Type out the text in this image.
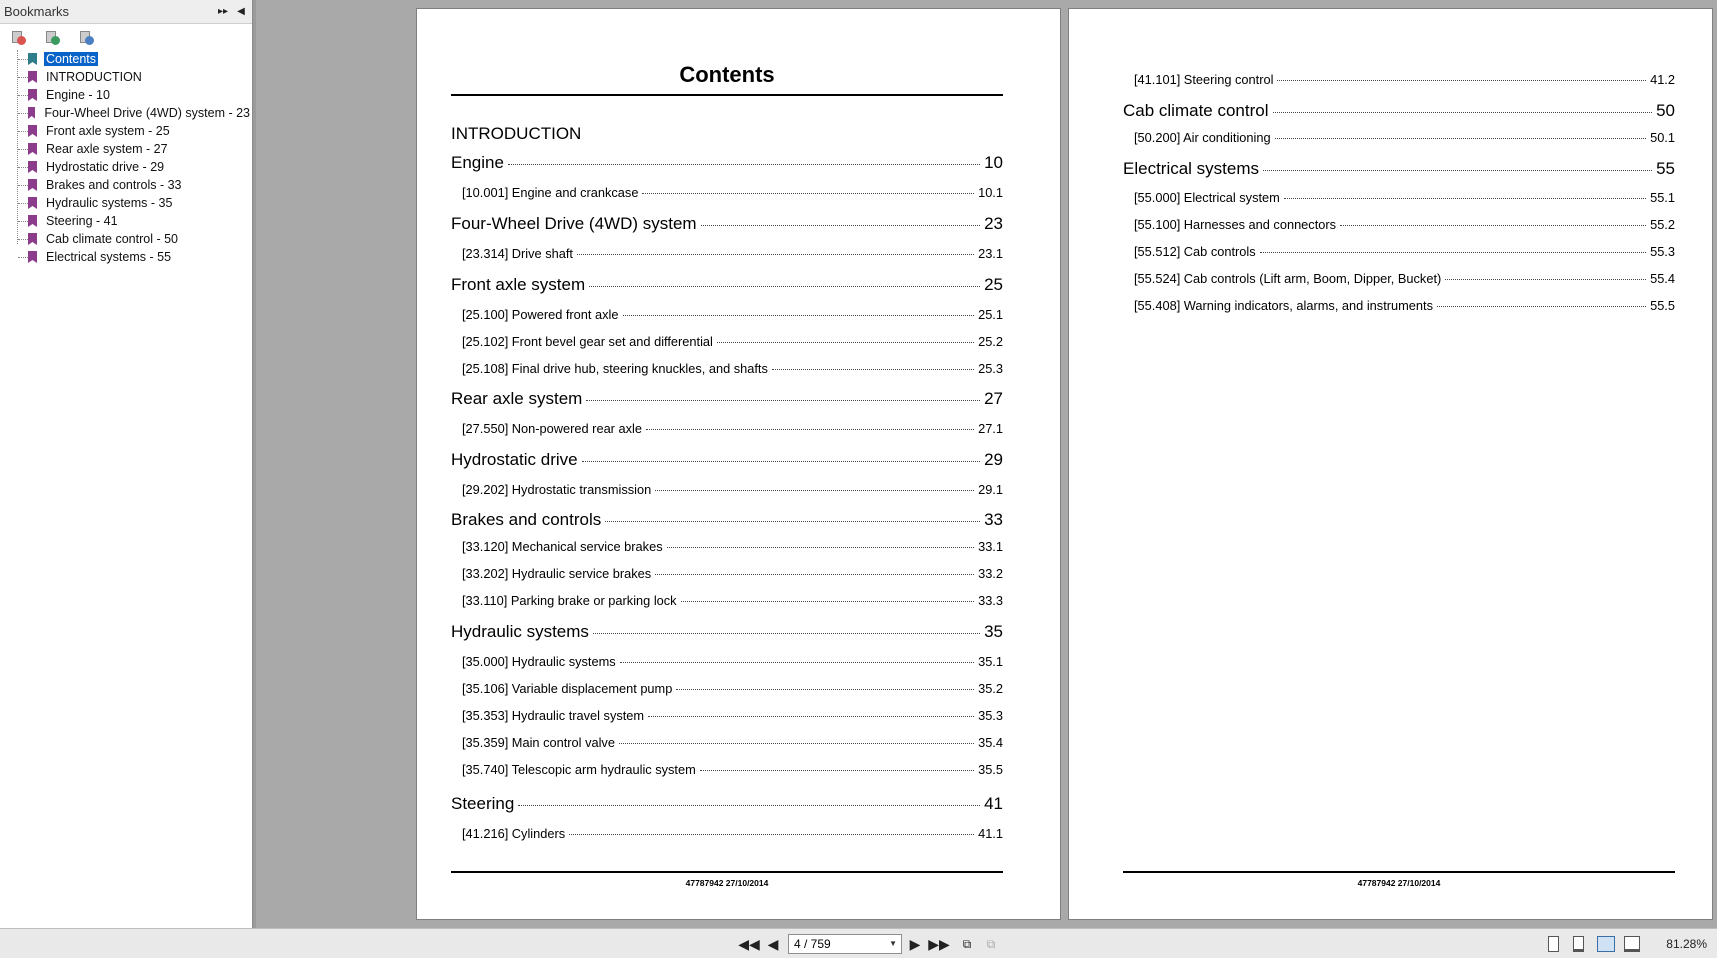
Bookmarks	▸▸ ◀
Contents
INTRODUCTION
Engine - 10
Four-Wheel Drive (4WD) system - 23
Front axle system - 25
Rear axle system - 27
Hydrostatic drive - 29
Brakes and controls - 33
Hydraulic systems - 35
Steering - 41
Cab climate control - 50
Electrical systems - 55
Contents
INTRODUCTION
Engine	10
[10.001] Engine and crankcase	10.1
Four-Wheel Drive (4WD) system	23
[23.314] Drive shaft	23.1
Front axle system	25
[25.100] Powered front axle	25.1
[25.102] Front bevel gear set and differential	25.2
[25.108] Final drive hub, steering knuckles, and shafts	25.3
Rear axle system	27
[27.550] Non-powered rear axle	27.1
Hydrostatic drive	29
[29.202] Hydrostatic transmission	29.1
Brakes and controls	33
[33.120] Mechanical service brakes	33.1
[33.202] Hydraulic service brakes	33.2
[33.110] Parking brake or parking lock	33.3
Hydraulic systems	35
[35.000] Hydraulic systems	35.1
[35.106] Variable displacement pump	35.2
[35.353] Hydraulic travel system	35.3
[35.359] Main control valve	35.4
[35.740] Telescopic arm hydraulic system	35.5
Steering	41
[41.216] Cylinders	41.1
47787942 27/10/2014
[41.101] Steering control	41.2
Cab climate control	50
[50.200] Air conditioning	50.1
Electrical systems	55
[55.000] Electrical system	55.1
[55.100] Harnesses and connectors	55.2
[55.512] Cab controls	55.3
[55.524] Cab controls (Lift arm, Boom, Dipper, Bucket)	55.4
[55.408] Warning indicators, alarms, and instruments	55.5
47787942 27/10/2014
◀◀ ◀	4 / 759	▼ ▶ ▶▶	⧉	⧉	81.28%
